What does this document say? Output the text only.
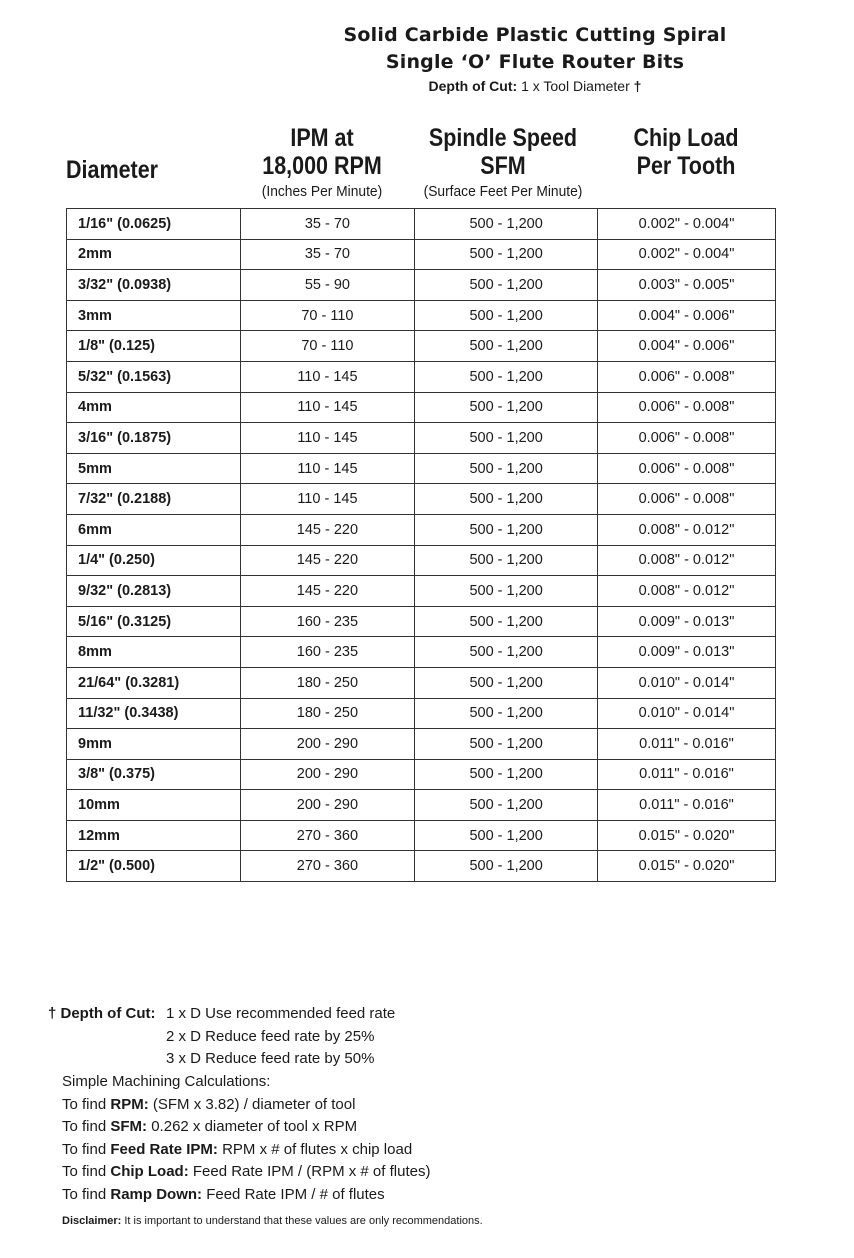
Solid Carbide Plastic Cutting Spiral
Single ‘O’ Flute Router Bits
Depth of Cut: 1 x Tool Diameter †
Diameter
IPM at
18,000 RPM
(Inches Per Minute)
Spindle Speed
SFM
(Surface Feet Per Minute)
Chip Load
Per Tooth
1/16" (0.0625)	35 - 70	500 - 1,200	0.002" - 0.004"
2mm	35 - 70	500 - 1,200	0.002" - 0.004"
3/32" (0.0938)	55 - 90	500 - 1,200	0.003" - 0.005"
3mm	70 - 110	500 - 1,200	0.004" - 0.006"
1/8" (0.125)	70 - 110	500 - 1,200	0.004" - 0.006"
5/32" (0.1563)	110 - 145	500 - 1,200	0.006" - 0.008"
4mm	110 - 145	500 - 1,200	0.006" - 0.008"
3/16" (0.1875)	110 - 145	500 - 1,200	0.006" - 0.008"
5mm	110 - 145	500 - 1,200	0.006" - 0.008"
7/32" (0.2188)	110 - 145	500 - 1,200	0.006" - 0.008"
6mm	145 - 220	500 - 1,200	0.008" - 0.012"
1/4" (0.250)	145 - 220	500 - 1,200	0.008" - 0.012"
9/32" (0.2813)	145 - 220	500 - 1,200	0.008" - 0.012"
5/16" (0.3125)	160 - 235	500 - 1,200	0.009" - 0.013"
8mm	160 - 235	500 - 1,200	0.009" - 0.013"
21/64" (0.3281)	180 - 250	500 - 1,200	0.010" - 0.014"
11/32" (0.3438)	180 - 250	500 - 1,200	0.010" - 0.014"
9mm	200 - 290	500 - 1,200	0.011" - 0.016"
3/8" (0.375)	200 - 290	500 - 1,200	0.011" - 0.016"
10mm	200 - 290	500 - 1,200	0.011" - 0.016"
12mm	270 - 360	500 - 1,200	0.015" - 0.020"
1/2" (0.500)	270 - 360	500 - 1,200	0.015" - 0.020"
† Depth of Cut: 1 x D Use recommended feed rate
2 x D Reduce feed rate by 25%
3 x D Reduce feed rate by 50%
Simple Machining Calculations:
To find RPM: (SFM x 3.82) / diameter of tool
To find SFM: 0.262 x diameter of tool x RPM
To find Feed Rate IPM: RPM x # of flutes x chip load
To find Chip Load: Feed Rate IPM / (RPM x # of flutes)
To find Ramp Down: Feed Rate IPM / # of flutes
Disclaimer: It is important to understand that these values are only recommendations.
